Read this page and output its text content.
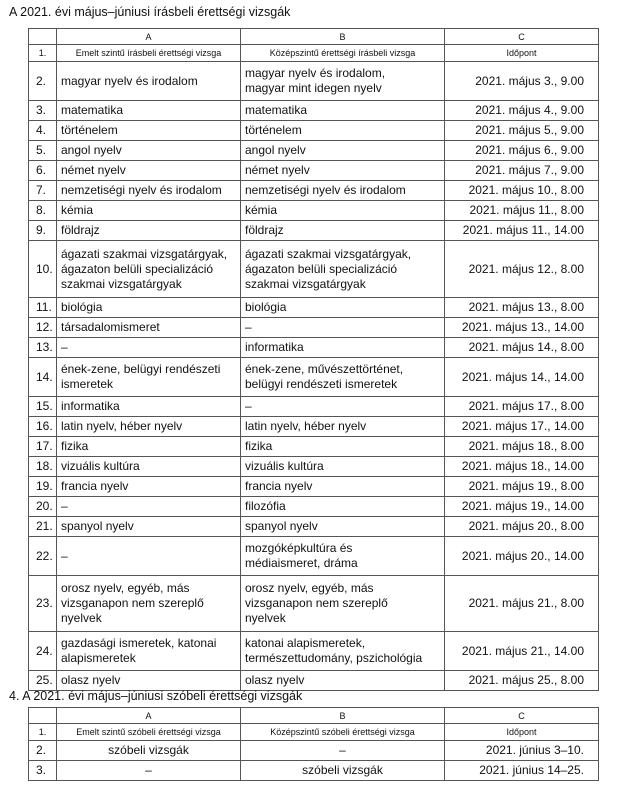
A 2021. évi május–júniusi írásbeli érettségi vizsgák
	A	B	C
1.	Emelt szintű írásbeli érettségi vizsga	Középszintű érettségi írásbeli vizsga	Időpont
2.	magyar nyelv és irodalom	magyar nyelv és irodalom,
magyar mint idegen nyelv	2021. május 3., 9.00
3.	matematika	matematika	2021. május 4., 9.00
4.	történelem	történelem	2021. május 5., 9.00
5.	angol nyelv	angol nyelv	2021. május 6., 9.00
6.	német nyelv	német nyelv	2021. május 7., 9.00
7.	nemzetiségi nyelv és irodalom	nemzetiségi nyelv és irodalom	2021. május 10., 8.00
8.	kémia	kémia	2021. május 11., 8.00
9.	földrajz	földrajz	2021. május 11., 14.00
10.	ágazati szakmai vizsgatárgyak,
ágazaton belüli specializáció
szakmai vizsgatárgyak	ágazati szakmai vizsgatárgyak,
ágazaton belüli specializáció
szakmai vizsgatárgyak	2021. május 12., 8.00
11.	biológia	biológia	2021. május 13., 8.00
12.	társadalomismeret	–	2021. május 13., 14.00
13.	–	informatika	2021. május 14., 8.00
14.	ének-zene, belügyi rendészeti
ismeretek	ének-zene, művészettörténet,
belügyi rendészeti ismeretek	2021. május 14., 14.00
15.	informatika	–	2021. május 17., 8.00
16.	latin nyelv, héber nyelv	latin nyelv, héber nyelv	2021. május 17., 14.00
17.	fizika	fizika	2021. május 18., 8.00
18.	vizuális kultúra	vizuális kultúra	2021. május 18., 14.00
19.	francia nyelv	francia nyelv	2021. május 19., 8.00
20.	–	filozófia	2021. május 19., 14.00
21.	spanyol nyelv	spanyol nyelv	2021. május 20., 8.00
22.	–	mozgóképkultúra és
médiaismeret, dráma	2021. május 20., 14.00
23.	orosz nyelv, egyéb, más
vizsganapon nem szereplő
nyelvek	orosz nyelv, egyéb, más
vizsganapon nem szereplő
nyelvek	2021. május 21., 8.00
24.	gazdasági ismeretek, katonai
alapismeretek	katonai alapismeretek,
természettudomány, pszichológia	2021. május 21., 14.00
25.	olasz nyelv	olasz nyelv	2021. május 25., 8.00
4. A 2021. évi május–júniusi szóbeli érettségi vizsgák
	A	B	C
1.	Emelt szintű szóbeli érettségi vizsga	Középszintű szóbeli érettségi vizsga	Időpont
2.	szóbeli vizsgák	–	2021. június 3–10.
3.	–	szóbeli vizsgák	2021. június 14–25.
